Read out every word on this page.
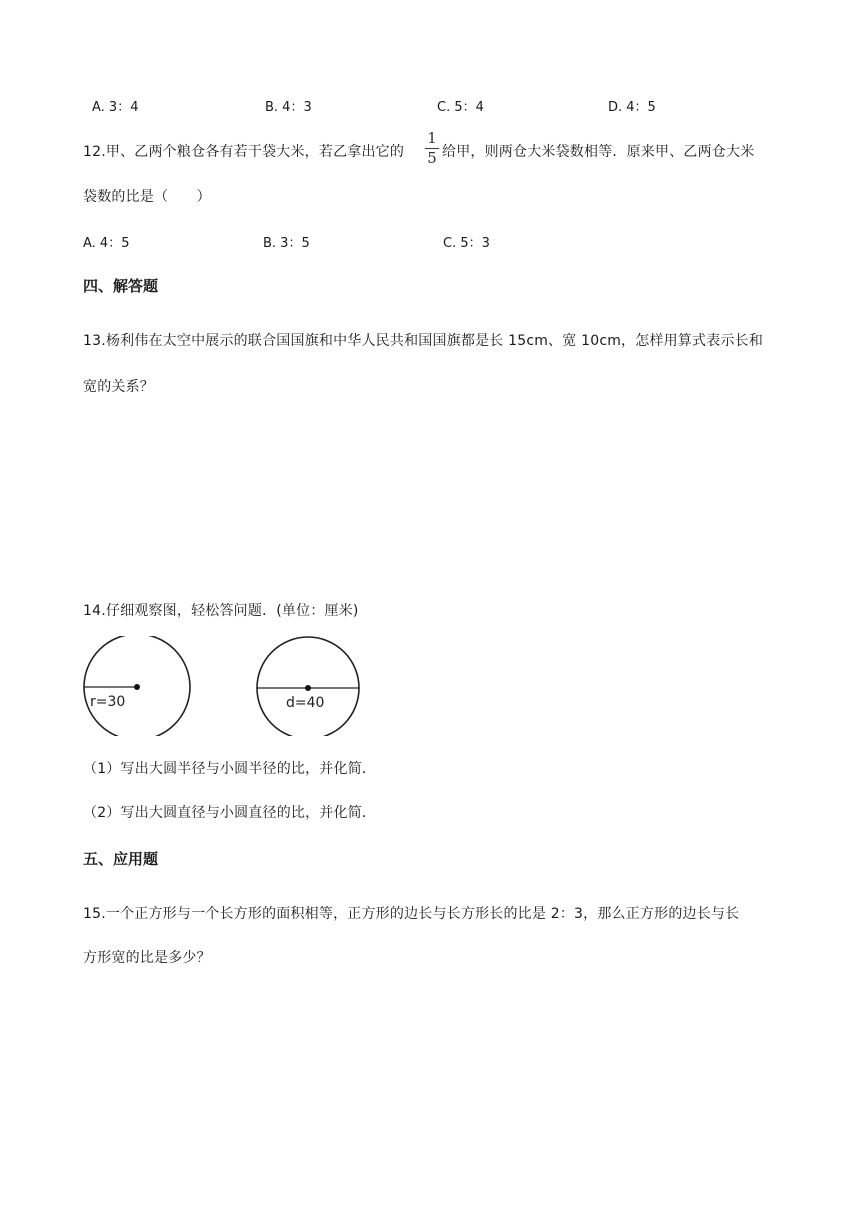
A. 3：4	B. 4：3	C. 5：4	D. 4：5
12.甲、乙两个粮仓各有若干袋大米，若乙拿出它的
1
5 给甲，则两仓大米袋数相等．原来甲、乙两仓大米
袋数的比是（　　）
A. 4：5	B. 3：5	C. 5：3
四、解答题
13.杨利伟在太空中展示的联合国国旗和中华人民共和国国旗都是长 15cm、宽 10cm，怎样用算式表示长和
宽的关系？
14.仔细观察图，轻松答问题．(单位：厘米)
r=30	d=40
（1）写出大圆半径与小圆半径的比，并化简．
（2）写出大圆直径与小圆直径的比，并化简．
五、应用题
15.一个正方形与一个长方形的面积相等，正方形的边长与长方形长的比是 2：3，那么正方形的边长与长
方形宽的比是多少？
